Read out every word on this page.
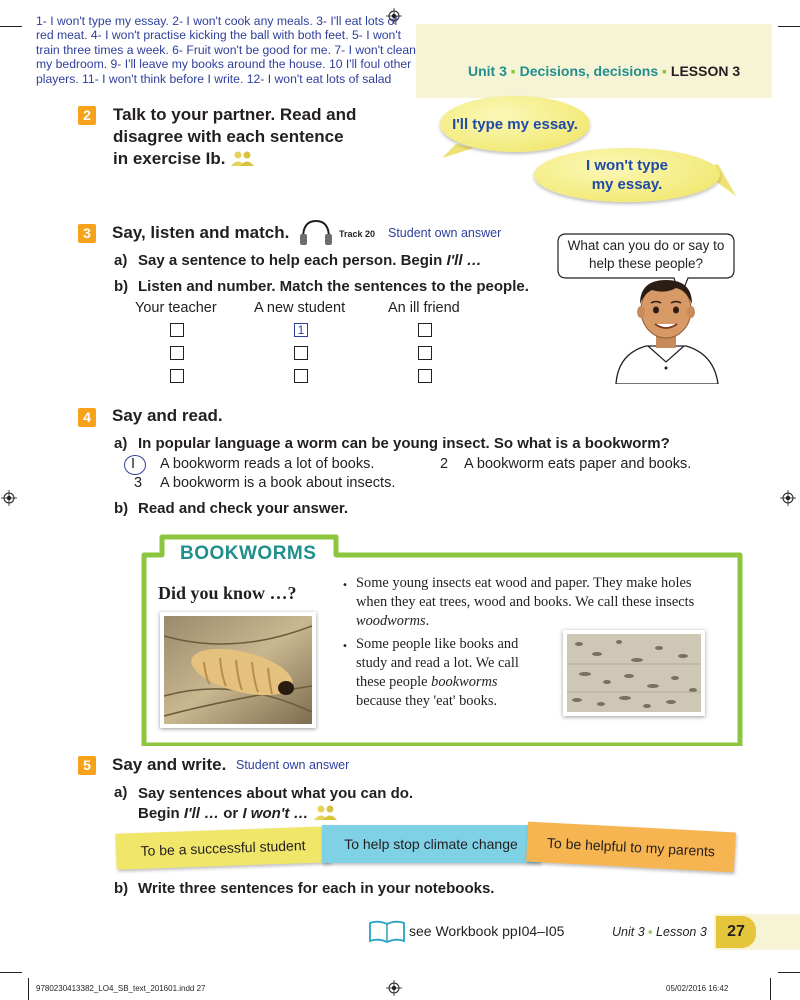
Unit 3 ▪ Decisions, decisions ▪ LESSON 3
1- I won't type my essay. 2- I won't cook any meals. 3- I'll eat lots of red meat. 4- I won't practise kicking the ball with both feet. 5- I won't train three times a week. 6- Fruit won't be good for me. 7- I won't clean my bedroom. 9- I'll leave my books around the house. 10 I'll foul other players. 11- I won't think before I write. 12- I won't eat lots of salad
2	Talk to your partner. Read and
disagree with each sentence
in exercise Ib.
I'll type my essay.
I won't type
my essay.
3	Say, listen and match.	Track 20 Student own answer
a) Say a sentence to help each person. Begin I'll …
b) Listen and number. Match the sentences to the people.
Your teacher	A new student	An ill friend
1
What can you do or say to help these people?
4	Say and read.
a) In popular language a worm can be young insect. So what is a bookworm?
I A bookworm reads a lot of books.	2 A bookworm eats paper and books.
3 A bookworm is a book about insects.
b) Read and check your answer.
BOOKWORMS
Did you know …?	• Some young insects eat wood and paper. They make holes when they eat trees, wood and books. We call these insects woodworms.
• Some people like books and
study and read a lot. We call
these people bookworms
because they 'eat' books.
5	Say and write. Student own answer
a) Say sentences about what you can do.
Begin I'll … or I won't …
To be a successful student	To help stop climate change	To be helpful to my parents
b) Write three sentences for each in your notebooks.
see Workbook ppI04–I05	Unit 3 ▪ Lesson 3	27
9780230413382_LO4_SB_text_201601.indd 27	05/02/2016 16:42
